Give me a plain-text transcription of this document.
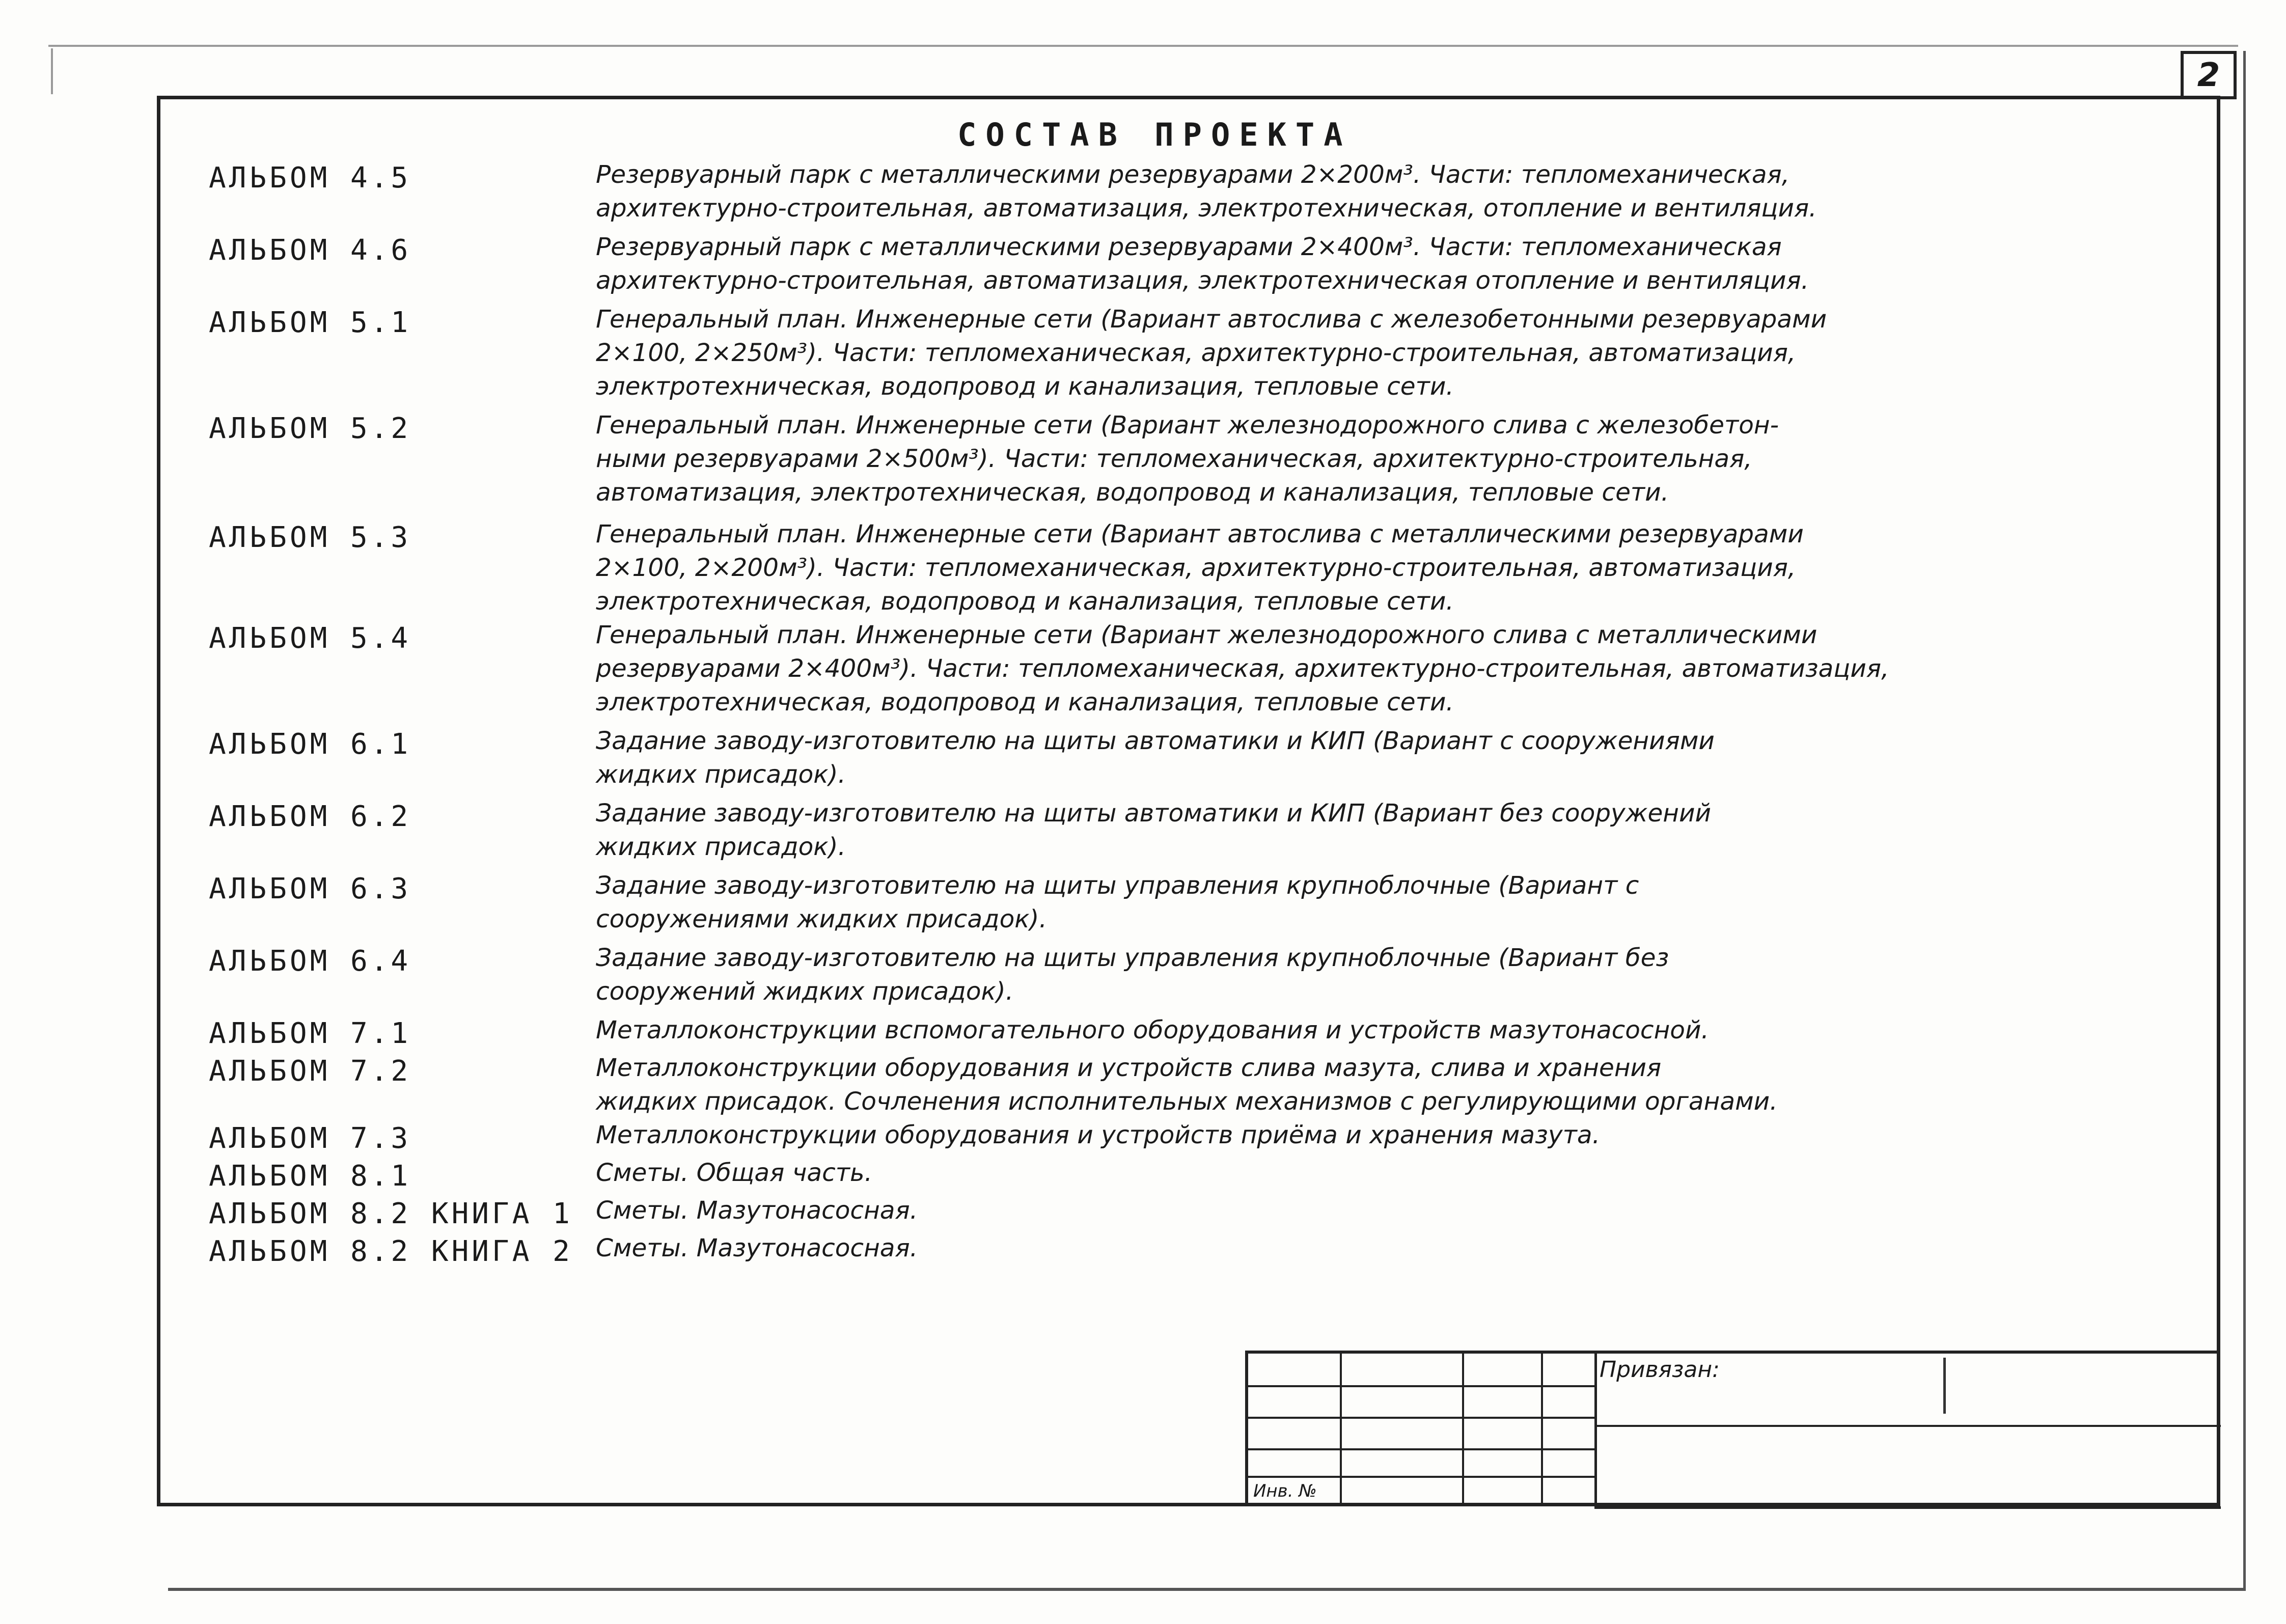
2
СОСТАВ ПРОЕКТА
АЛЬБОМ 4.5	Резервуарный парк с металлическими резервуарами 2×200м³. Части: тепломеханическая,
архитектурно-строительная, автоматизация, электротехническая, отопление и вентиляция.
АЛЬБОМ 4.6	Резервуарный парк с металлическими резервуарами 2×400м³. Части: тепломеханическая
архитектурно-строительная, автоматизация, электротехническая отопление и вентиляция.
АЛЬБОМ 5.1	Генеральный план. Инженерные сети (Вариант автослива с железобетонными резервуарами
2×100, 2×250м³). Части: тепломеханическая, архитектурно-строительная, автоматизация,
электротехническая, водопровод и канализация, тепловые сети.
АЛЬБОМ 5.2	Генеральный план. Инженерные сети (Вариант железнодорожного слива с железобетон-
ными резервуарами 2×500м³). Части: тепломеханическая, архитектурно-строительная,
автоматизация, электротехническая, водопровод и канализация, тепловые сети.
АЛЬБОМ 5.3	Генеральный план. Инженерные сети (Вариант автослива с металлическими резервуарами
2×100, 2×200м³). Части: тепломеханическая, архитектурно-строительная, автоматизация,
электротехническая, водопровод и канализация, тепловые сети.
АЛЬБОМ 5.4	Генеральный план. Инженерные сети (Вариант железнодорожного слива с металлическими
резервуарами 2×400м³). Части: тепломеханическая, архитектурно-строительная, автоматизация,
электротехническая, водопровод и канализация, тепловые сети.
АЛЬБОМ 6.1	Задание заводу-изготовителю на щиты автоматики и КИП (Вариант с сооружениями
жидких присадок).
АЛЬБОМ 6.2	Задание заводу-изготовителю на щиты автоматики и КИП (Вариант без сооружений
жидких присадок).
АЛЬБОМ 6.3	Задание заводу-изготовителю на щиты управления крупноблочные (Вариант с
сооружениями жидких присадок).
АЛЬБОМ 6.4	Задание заводу-изготовителю на щиты управления крупноблочные (Вариант без
сооружений жидких присадок).
АЛЬБОМ 7.1	Металлоконструкции вспомогательного оборудования и устройств мазутонасосной.
АЛЬБОМ 7.2	Металлоконструкции оборудования и устройств слива мазута, слива и хранения
жидких присадок. Сочленения исполнительных механизмов с регулирующими органами.
АЛЬБОМ 7.3	Металлоконструкции оборудования и устройств приёма и хранения мазута.
АЛЬБОМ 8.1	Сметы. Общая часть.
АЛЬБОМ 8.2 КНИГА 1 Сметы. Мазутонасосная.
АЛЬБОМ 8.2 КНИГА 2 Сметы. Мазутонасосная.
Привязан:
Инв. №
